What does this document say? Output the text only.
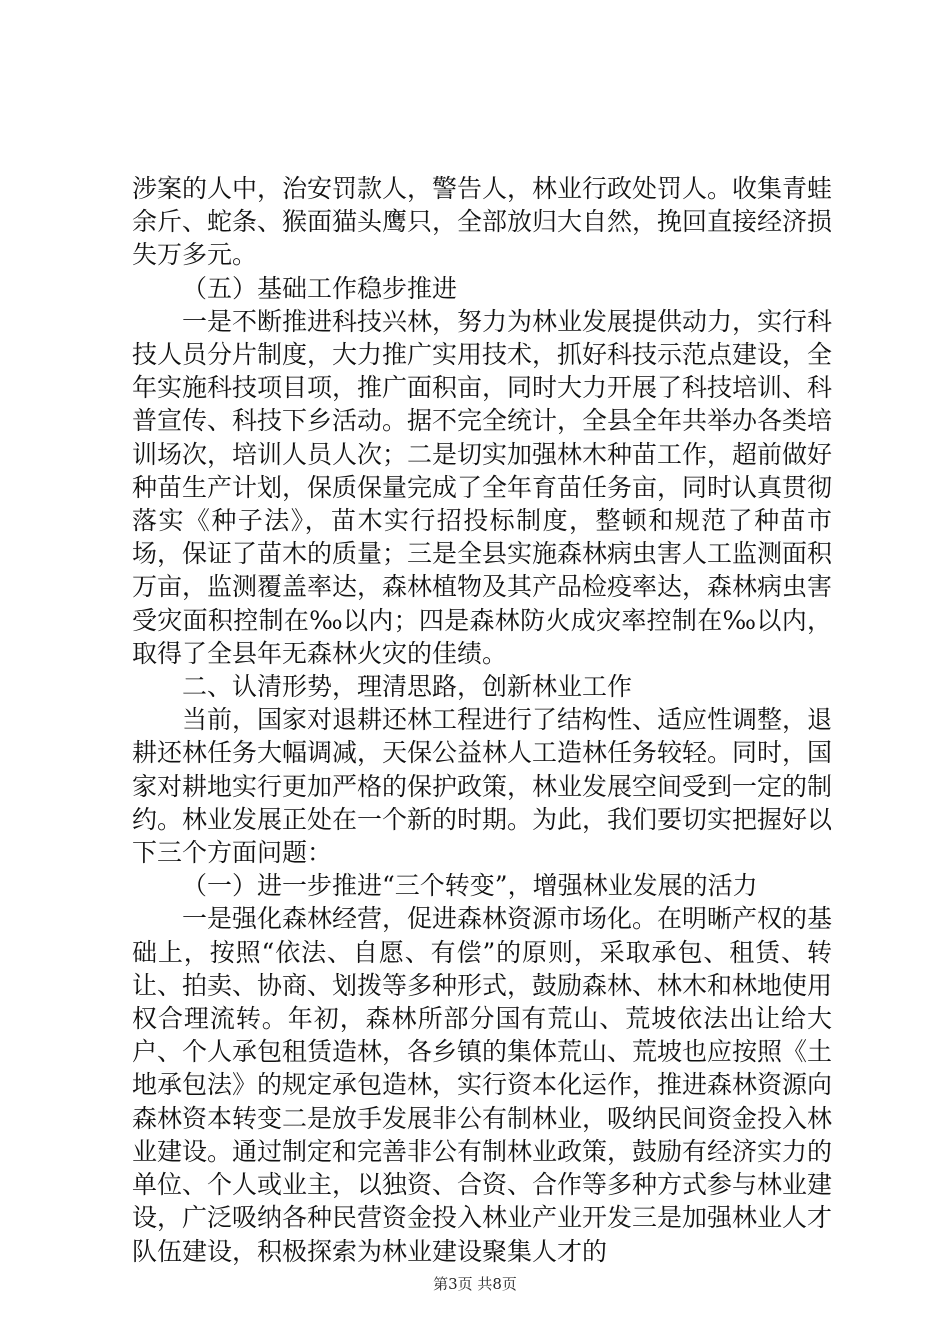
涉案的人中，治安罚款人，警告人，林业行政处罚人。收集青蛙余斤、蛇条、猴面猫头鹰只，全部放归大自然，挽回直接经济损失万多元。

（五）基础工作稳步推进

一是不断推进科技兴林，努力为林业发展提供动力，实行科技人员分片制度，大力推广实用技术，抓好科技示范点建设，全年实施科技项目项，推广面积亩，同时大力开展了科技培训、科普宣传、科技下乡活动。据不完全统计，全县全年共举办各类培训场次，培训人员人次；二是切实加强林木种苗工作，超前做好种苗生产计划，保质保量完成了全年育苗任务亩，同时认真贯彻落实《种子法》，苗木实行招投标制度，整顿和规范了种苗市场，保证了苗木的质量；三是全县实施森林病虫害人工监测面积万亩，监测覆盖率达，森林植物及其产品检疫率达，森林病虫害受灾面积控制在‰以内；四是森林防火成灾率控制在‰以内，取得了全县年无森林火灾的佳绩。

二、认清形势，理清思路，创新林业工作

当前，国家对退耕还林工程进行了结构性、适应性调整，退耕还林任务大幅调减，天保公益林人工造林任务较轻。同时，国家对耕地实行更加严格的保护政策，林业发展空间受到一定的制约。林业发展正处在一个新的时期。为此，我们要切实把握好以下三个方面问题：

（一）进一步推进“三个转变”，增强林业发展的活力

一是强化森林经营，促进森林资源市场化。在明晰产权的基础上，按照“依法、自愿、有偿”的原则，采取承包、租赁、转让、拍卖、协商、划拨等多种形式，鼓励森林、林木和林地使用权合理流转。年初，森林所部分国有荒山、荒坡依法出让给大户、个人承包租赁造林，各乡镇的集体荒山、荒坡也应按照《土地承包法》的规定承包造林，实行资本化运作，推进森林资源向森林资本转变二是放手发展非公有制林业，吸纳民间资金投入林业建设。通过制定和完善非公有制林业政策，鼓励有经济实力的单位、个人或业主，以独资、合资、合作等多种方式参与林业建设，广泛吸纳各种民营资金投入林业产业开发三是加强林业人才队伍建设，积极探索为林业建设聚集人才的

第3页 共8页
